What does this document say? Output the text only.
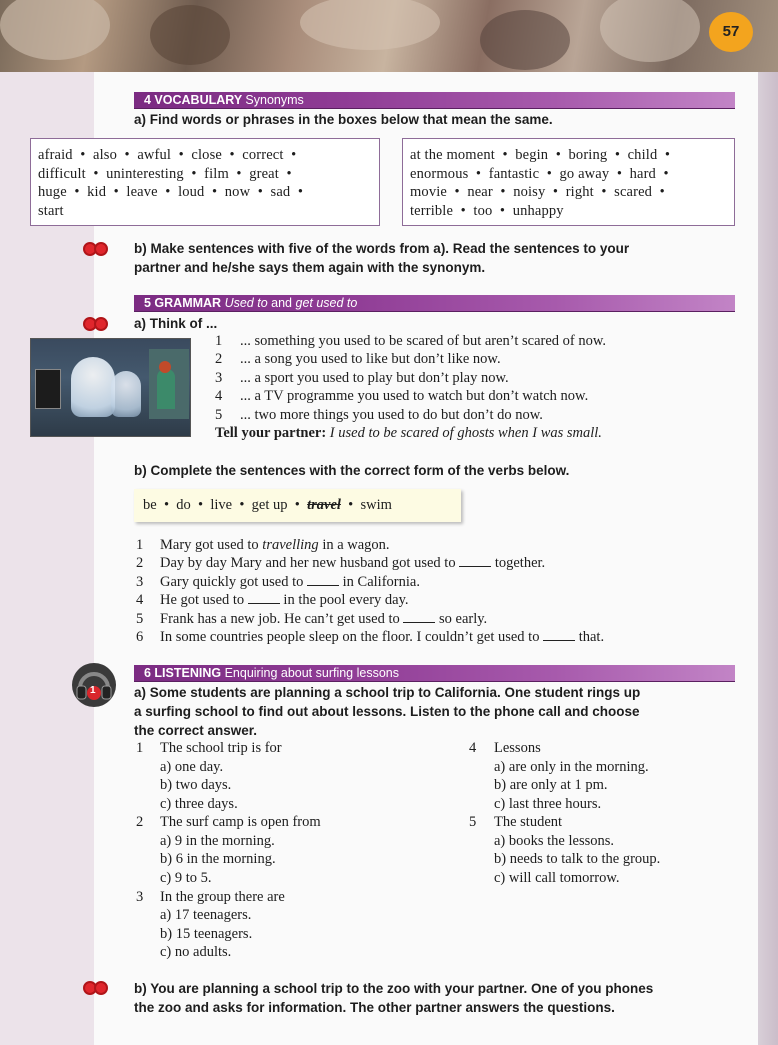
57
4 VOCABULARY Synonyms
a) Find words or phrases in the boxes below that mean the same.
afraid  •  also  •  awful  •  close  •  correct  •
difficult  •  uninteresting  •  film  •  great  •
huge  •  kid  •  leave  •  loud  •  now  •  sad  •
start
at the moment  •  begin  •  boring  •  child  •
enormous  •  fantastic  •  go away  •  hard  •
movie  •  near  •  noisy  •  right  •  scared  •
terrible  •  too  •  unhappy
b) Make sentences with five of the words from a). Read the sentences to your
partner and he/she says them again with the synonym.
5 GRAMMAR Used to and get used to
a) Think of ...
1 ... something you used to be scared of but aren’t scared of now.
2 ... a song you used to like but don’t like now.
3 ... a sport you used to play but don’t play now.
4 ... a TV programme you used to watch but don’t watch now.
5 ... two more things you used to do but don’t do now.
Tell your partner: I used to be scared of ghosts when I was small.
b) Complete the sentences with the correct form of the verbs below.
be  •  do  •  live  •  get up  •  travel  •  swim
1 Mary got used to travelling in a wagon.
2 Day by day Mary and her new husband got used to  together.
3 Gary quickly got used to  in California.
4 He got used to  in the pool every day.
5 Frank has a new job. He can’t get used to  so early.
6 In some countries people sleep on the floor. I couldn’t get used to  that.
6 LISTENING Enquiring about surfing lessons
1	a) Some students are planning a school trip to California. One student rings up
a surfing school to find out about lessons. Listen to the phone call and choose
the correct answer.
1 The school trip is for
a) one day.
b) two days.
c) three days.
2 The surf camp is open from
a) 9 in the morning.
b) 6 in the morning.
c) 9 to 5.
3 In the group there are
a) 17 teenagers.
b) 15 teenagers.
c) no adults.
4 Lessons
a) are only in the morning.
b) are only at 1 pm.
c) last three hours.
5 The student
a) books the lessons.
b) needs to talk to the group.
c) will call tomorrow.
b) You are planning a school trip to the zoo with your partner. One of you phones
the zoo and asks for information. The other partner answers the questions.
